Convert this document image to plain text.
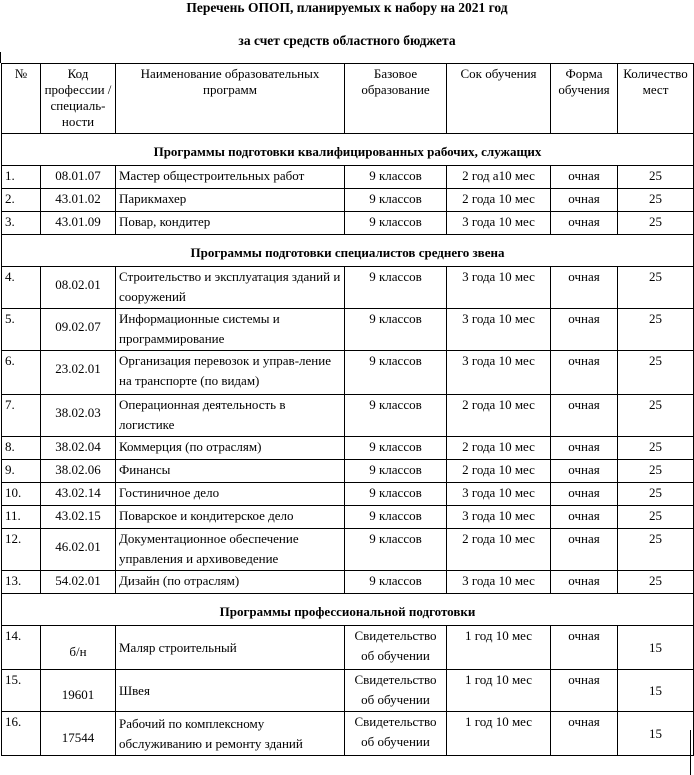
Перечень ОПОП, планируемых к набору на 2021 год
за счет средств областного бюджета
№	Код профессии /специаль-ности	Наименование образовательных программ	Базовое образование	Сок обучения	Форма обучения	Количество мест
Программы подготовки квалифицированных рабочих, служащих						
1.	08.01.07	Мастер общестроительных работ	9 классов	2 год а10 мес	очная	25
2.	43.01.02	Парикмахер	9 классов	2 года 10 мес	очная	25
3.	43.01.09	Повар, кондитер	9 классов	3 года 10 мес	очная	25
Программы подготовки специалистов среднего звена						
4.	08.02.01	Строительство и эксплуатация зданий и сооружений	9 классов	3 года 10 мес	очная	25
5.	09.02.07	Информационные системы и программирование	9 классов	3 года 10 мес	очная	25
6.	23.02.01	Организация перевозок и управ-ление на транспорте (по видам)	9 классов	3 года 10 мес	очная	25
7.	38.02.03	Операционная деятельность в логистике	9 классов	2 года 10 мес	очная	25
8.	38.02.04	Коммерция (по отраслям)	9 классов	2 года 10 мес	очная	25
9.	38.02.06	Финансы	9 классов	2 года 10 мес	очная	25
10.	43.02.14	Гостиничное дело	9 классов	3 года 10 мес	очная	25
11.	43.02.15	Поварское и кондитерское дело	9 классов	3 года 10 мес	очная	25
12.	46.02.01	Документационное обеспечение управления и архивоведение	9 классов	2 года 10 мес	очная	25
13.	54.02.01	Дизайн (по отраслям)	9 классов	3 года 10 мес	очная	25
Программы профессиональной подготовки						
14.	б/н	Маляр строительный	Свидетельство об обучении	1 год 10 мес	очная	15
15.	19601	Швея	Свидетельство об обучении	1 год 10 мес	очная	15
16.	17544	Рабочий по комплексному обслуживанию и ремонту зданий	Свидетельство об обучении	1 год 10 мес	очная	15
